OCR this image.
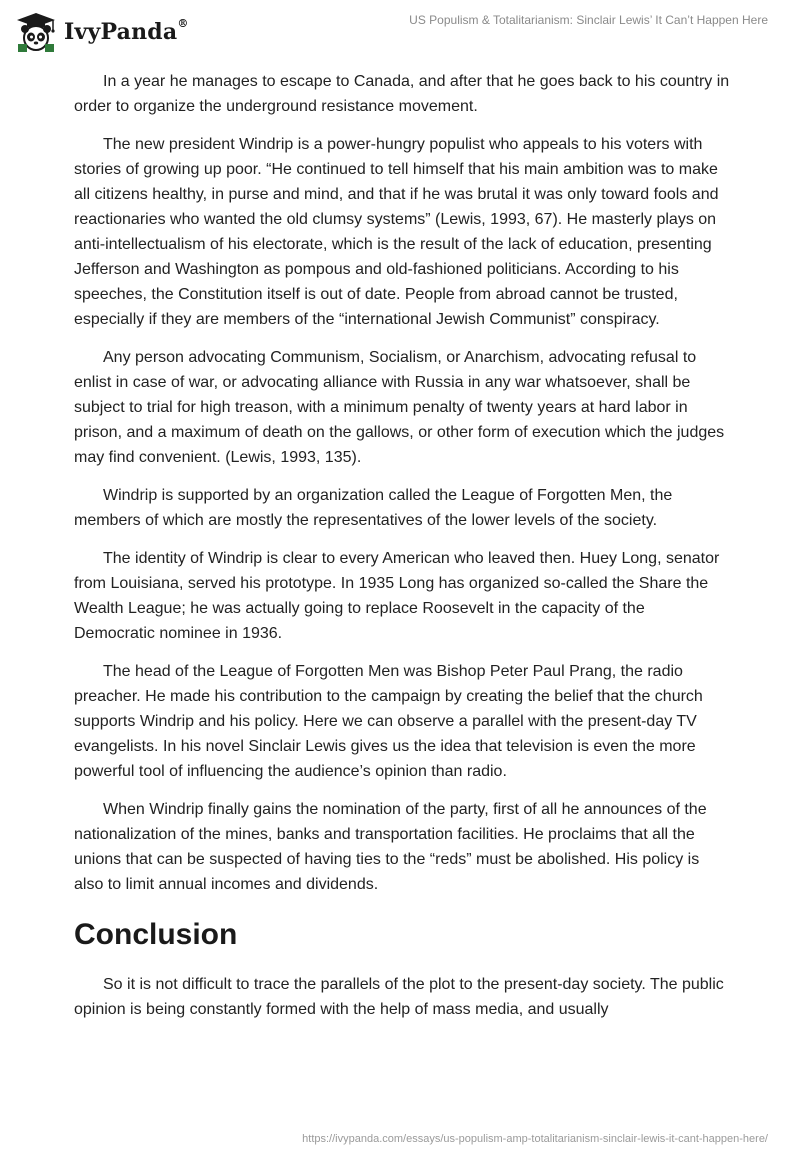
IvyPanda®	US Populism & Totalitarianism: Sinclair Lewis’ It Can’t Happen Here

In a year he manages to escape to Canada, and after that he goes back to his country in order to organize the underground resistance movement.

The new president Windrip is a power-hungry populist who appeals to his voters with stories of growing up poor. “He continued to tell himself that his main ambition was to make all citizens healthy, in purse and mind, and that if he was brutal it was only toward fools and reactionaries who wanted the old clumsy systems” (Lewis, 1993, 67). He masterly plays on anti-intellectualism of his electorate, which is the result of the lack of education, presenting Jefferson and Washington as pompous and old-fashioned politicians. According to his speeches, the Constitution itself is out of date. People from abroad cannot be trusted, especially if they are members of the “international Jewish Communist” conspiracy.

Any person advocating Communism, Socialism, or Anarchism, advocating refusal to enlist in case of war, or advocating alliance with Russia in any war whatsoever, shall be subject to trial for high treason, with a minimum penalty of twenty years at hard labor in prison, and a maximum of death on the gallows, or other form of execution which the judges may find convenient. (Lewis, 1993, 135).

Windrip is supported by an organization called the League of Forgotten Men, the members of which are mostly the representatives of the lower levels of the society.

The identity of Windrip is clear to every American who leaved then. Huey Long, senator from Louisiana, served his prototype. In 1935 Long has organized so-called the Share the Wealth League; he was actually going to replace Roosevelt in the capacity of the Democratic nominee in 1936.

The head of the League of Forgotten Men was Bishop Peter Paul Prang, the radio preacher. He made his contribution to the campaign by creating the belief that the church supports Windrip and his policy. Here we can observe a parallel with the present-day TV evangelists. In his novel Sinclair Lewis gives us the idea that television is even the more powerful tool of influencing the audience’s opinion than radio.

When Windrip finally gains the nomination of the party, first of all he announces of the nationalization of the mines, banks and transportation facilities. He proclaims that all the unions that can be suspected of having ties to the “reds” must be abolished. His policy is also to limit annual incomes and dividends.

Conclusion

So it is not difficult to trace the parallels of the plot to the present-day society. The public opinion is being constantly formed with the help of mass media, and usually

https://ivypanda.com/essays/us-populism-amp-totalitarianism-sinclair-lewis-it-cant-happen-here/
